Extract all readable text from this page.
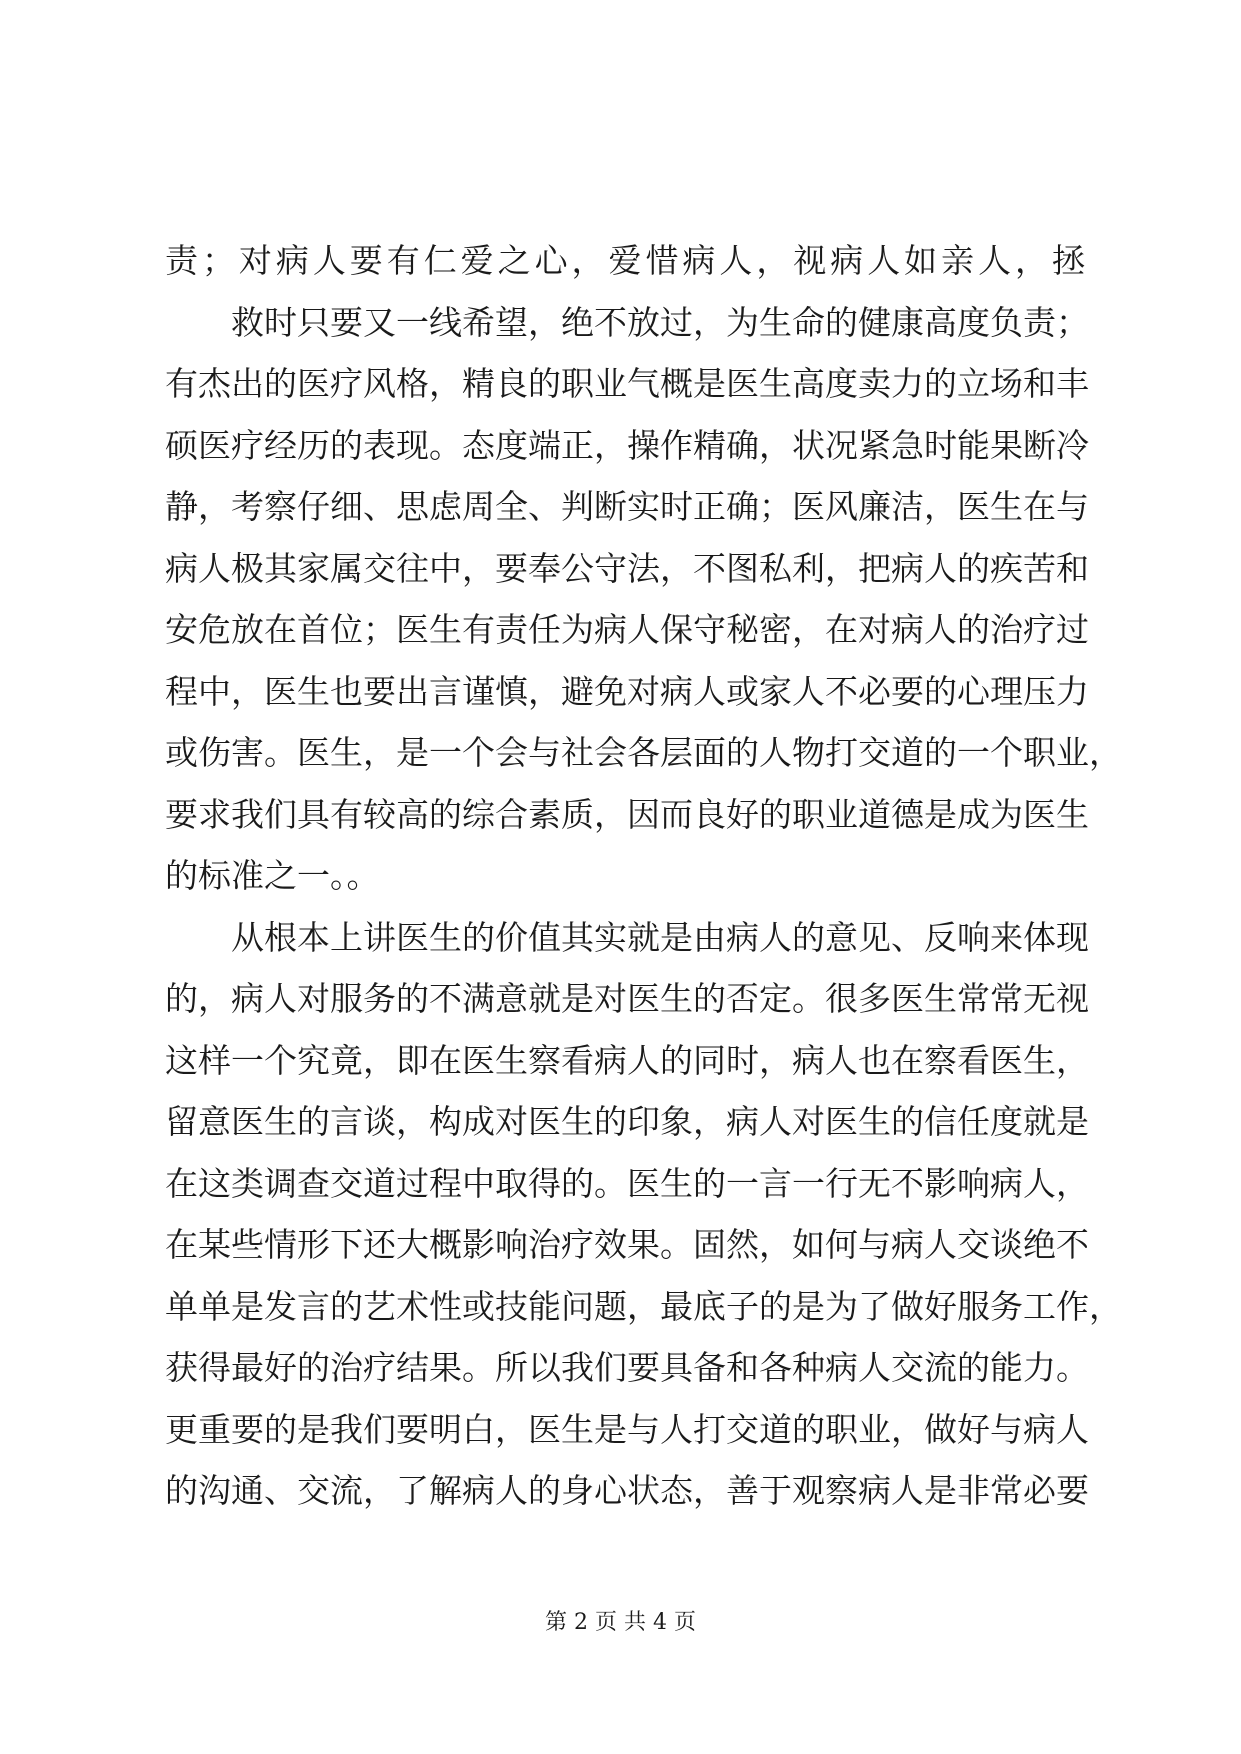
责；对病人要有仁爱之心，爱惜病人，视病人如亲人，拯
救时只要又一线希望，绝不放过，为生命的健康高度负责；
有杰出的医疗风格，精良的职业气概是医生高度卖力的立场和丰
硕医疗经历的表现。态度端正，操作精确，状况紧急时能果断冷
静，考察仔细、思虑周全、判断实时正确；医风廉洁，医生在与
病人极其家属交往中，要奉公守法，不图私利，把病人的疾苦和
安危放在首位；医生有责任为病人保守秘密，在对病人的治疗过
程中，医生也要出言谨慎，避免对病人或家人不必要的心理压力
或伤害。医生，是一个会与社会各层面的人物打交道的一个职业，
要求我们具有较高的综合素质，因而良好的职业道德是成为医生
的标准之一。。
从根本上讲医生的价值其实就是由病人的意见、反响来体现
的，病人对服务的不满意就是对医生的否定。很多医生常常无视
这样一个究竟，即在医生察看病人的同时，病人也在察看医生，
留意医生的言谈，构成对医生的印象，病人对医生的信任度就是
在这类调查交道过程中取得的。医生的一言一行无不影响病人，
在某些情形下还大概影响治疗效果。固然，如何与病人交谈绝不
单单是发言的艺术性或技能问题，最底子的是为了做好服务工作，
获得最好的治疗结果。所以我们要具备和各种病人交流的能力。
更重要的是我们要明白，医生是与人打交道的职业，做好与病人
的沟通、交流，了解病人的身心状态，善于观察病人是非常必要
第 2 页 共 4 页
